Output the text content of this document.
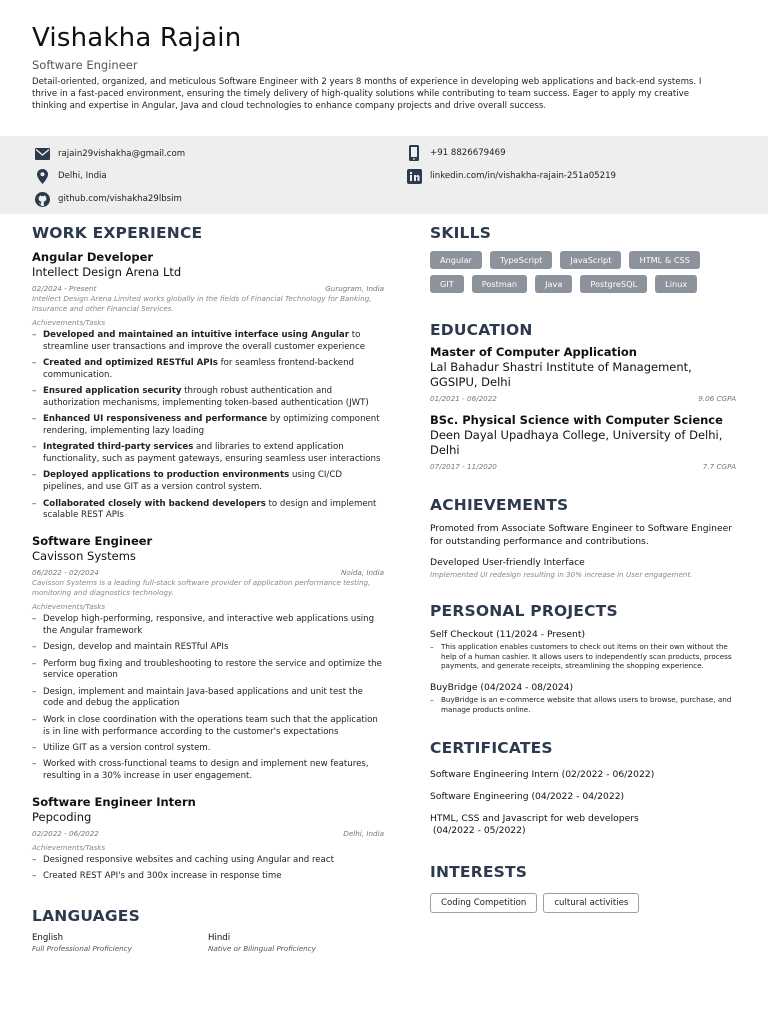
Vishakha Rajain
Software Engineer
Detail-oriented, organized, and meticulous Software Engineer with 2 years 8 months of experience in developing web applications and back-end systems. I thrive in a fast-paced environment, ensuring the timely delivery of high-quality solutions while contributing to team success. Eager to apply my creative thinking and expertise in Angular, Java and cloud technologies to enhance company projects and drive overall success.
rajain29vishakha@gmail.com	+91 8826679469
Delhi, India	linkedin.com/in/vishakha-rajain-251a05219
github.com/vishakha29lbsim
WORK EXPERIENCE
Angular Developer
Intellect Design Arena Ltd
02/2024 - Present	Gurugram, India
Intellect Design Arena Limited works globally in the fields of Financial Technology for Banking, Insurance and other Financial Services.
Achievements/Tasks
– Developed and maintained an intuitive interface using Angular to streamline user transactions and improve the overall customer experience
– Created and optimized RESTful APIs for seamless frontend-backend communication.
– Ensured application security through robust authentication and authorization mechanisms, implementing token-based authentication (JWT)
– Enhanced UI responsiveness and performance by optimizing component rendering, implementing lazy loading
– Integrated third-party services and libraries to extend application functionality, such as payment gateways, ensuring seamless user interactions
– Deployed applications to production environments using CI/CD pipelines, and use GIT as a version control system.
– Collaborated closely with backend developers to design and implement scalable REST APIs
Software Engineer
Cavisson Systems
06/2022 - 02/2024	Noida, India
Cavisson Systems is a leading full-stack software provider of application performance testing, monitoring and diagnostics technology.
Achievements/Tasks
– Develop high-performing, responsive, and interactive web applications using the Angular framework
– Design, develop and maintain RESTful APIs
– Perform bug fixing and troubleshooting to restore the service and optimize the service operation
– Design, implement and maintain Java-based applications and unit test the code and debug the application
– Work in close coordination with the operations team such that the application is in line with performance according to the customer's expectations
– Utilize GIT as a version control system.
– Worked with cross-functional teams to design and implement new features, resulting in a 30% increase in user engagement.
Software Engineer Intern
Pepcoding
02/2022 - 06/2022	Delhi, India
Achievements/Tasks
– Designed responsive websites and caching using Angular and react
– Created REST API's and 300x increase in response time
LANGUAGES
English
Full Professional Proficiency
Hindi
Native or Bilingual Proficiency
SKILLS
Angular	TypeScript	JavaScript	HTML & CSS
GIT	Postman	Java	PostgreSQL	Linux
EDUCATION
Master of Computer Application
Lal Bahadur Shastri Institute of Management, GGSIPU, Delhi
01/2021 - 06/2022	9.06 CGPA
BSc. Physical Science with Computer Science
Deen Dayal Upadhaya College, University of Delhi, Delhi
07/2017 - 11/2020	7.7 CGPA
ACHIEVEMENTS
Promoted from Associate Software Engineer to Software Engineer for outstanding performance and contributions.
Developed User-friendly Interface
Implemented UI redesign resulting in 30% increase in User engagement.
PERSONAL PROJECTS
Self Checkout (11/2024 - Present)
– This application enables customers to check out items on their own without the help of a human cashier. It allows users to independently scan products, process payments, and generate receipts, streamlining the shopping experience.
BuyBridge (04/2024 - 08/2024)
– BuyBridge is an e-commerce website that allows users to browse, purchase, and manage products online.
CERTIFICATES
Software Engineering Intern (02/2022 - 06/2022)
Software Engineering (04/2022 - 04/2022)
HTML, CSS and Javascript for web developers
(04/2022 - 05/2022)
INTERESTS
Coding Competition	cultural activities
